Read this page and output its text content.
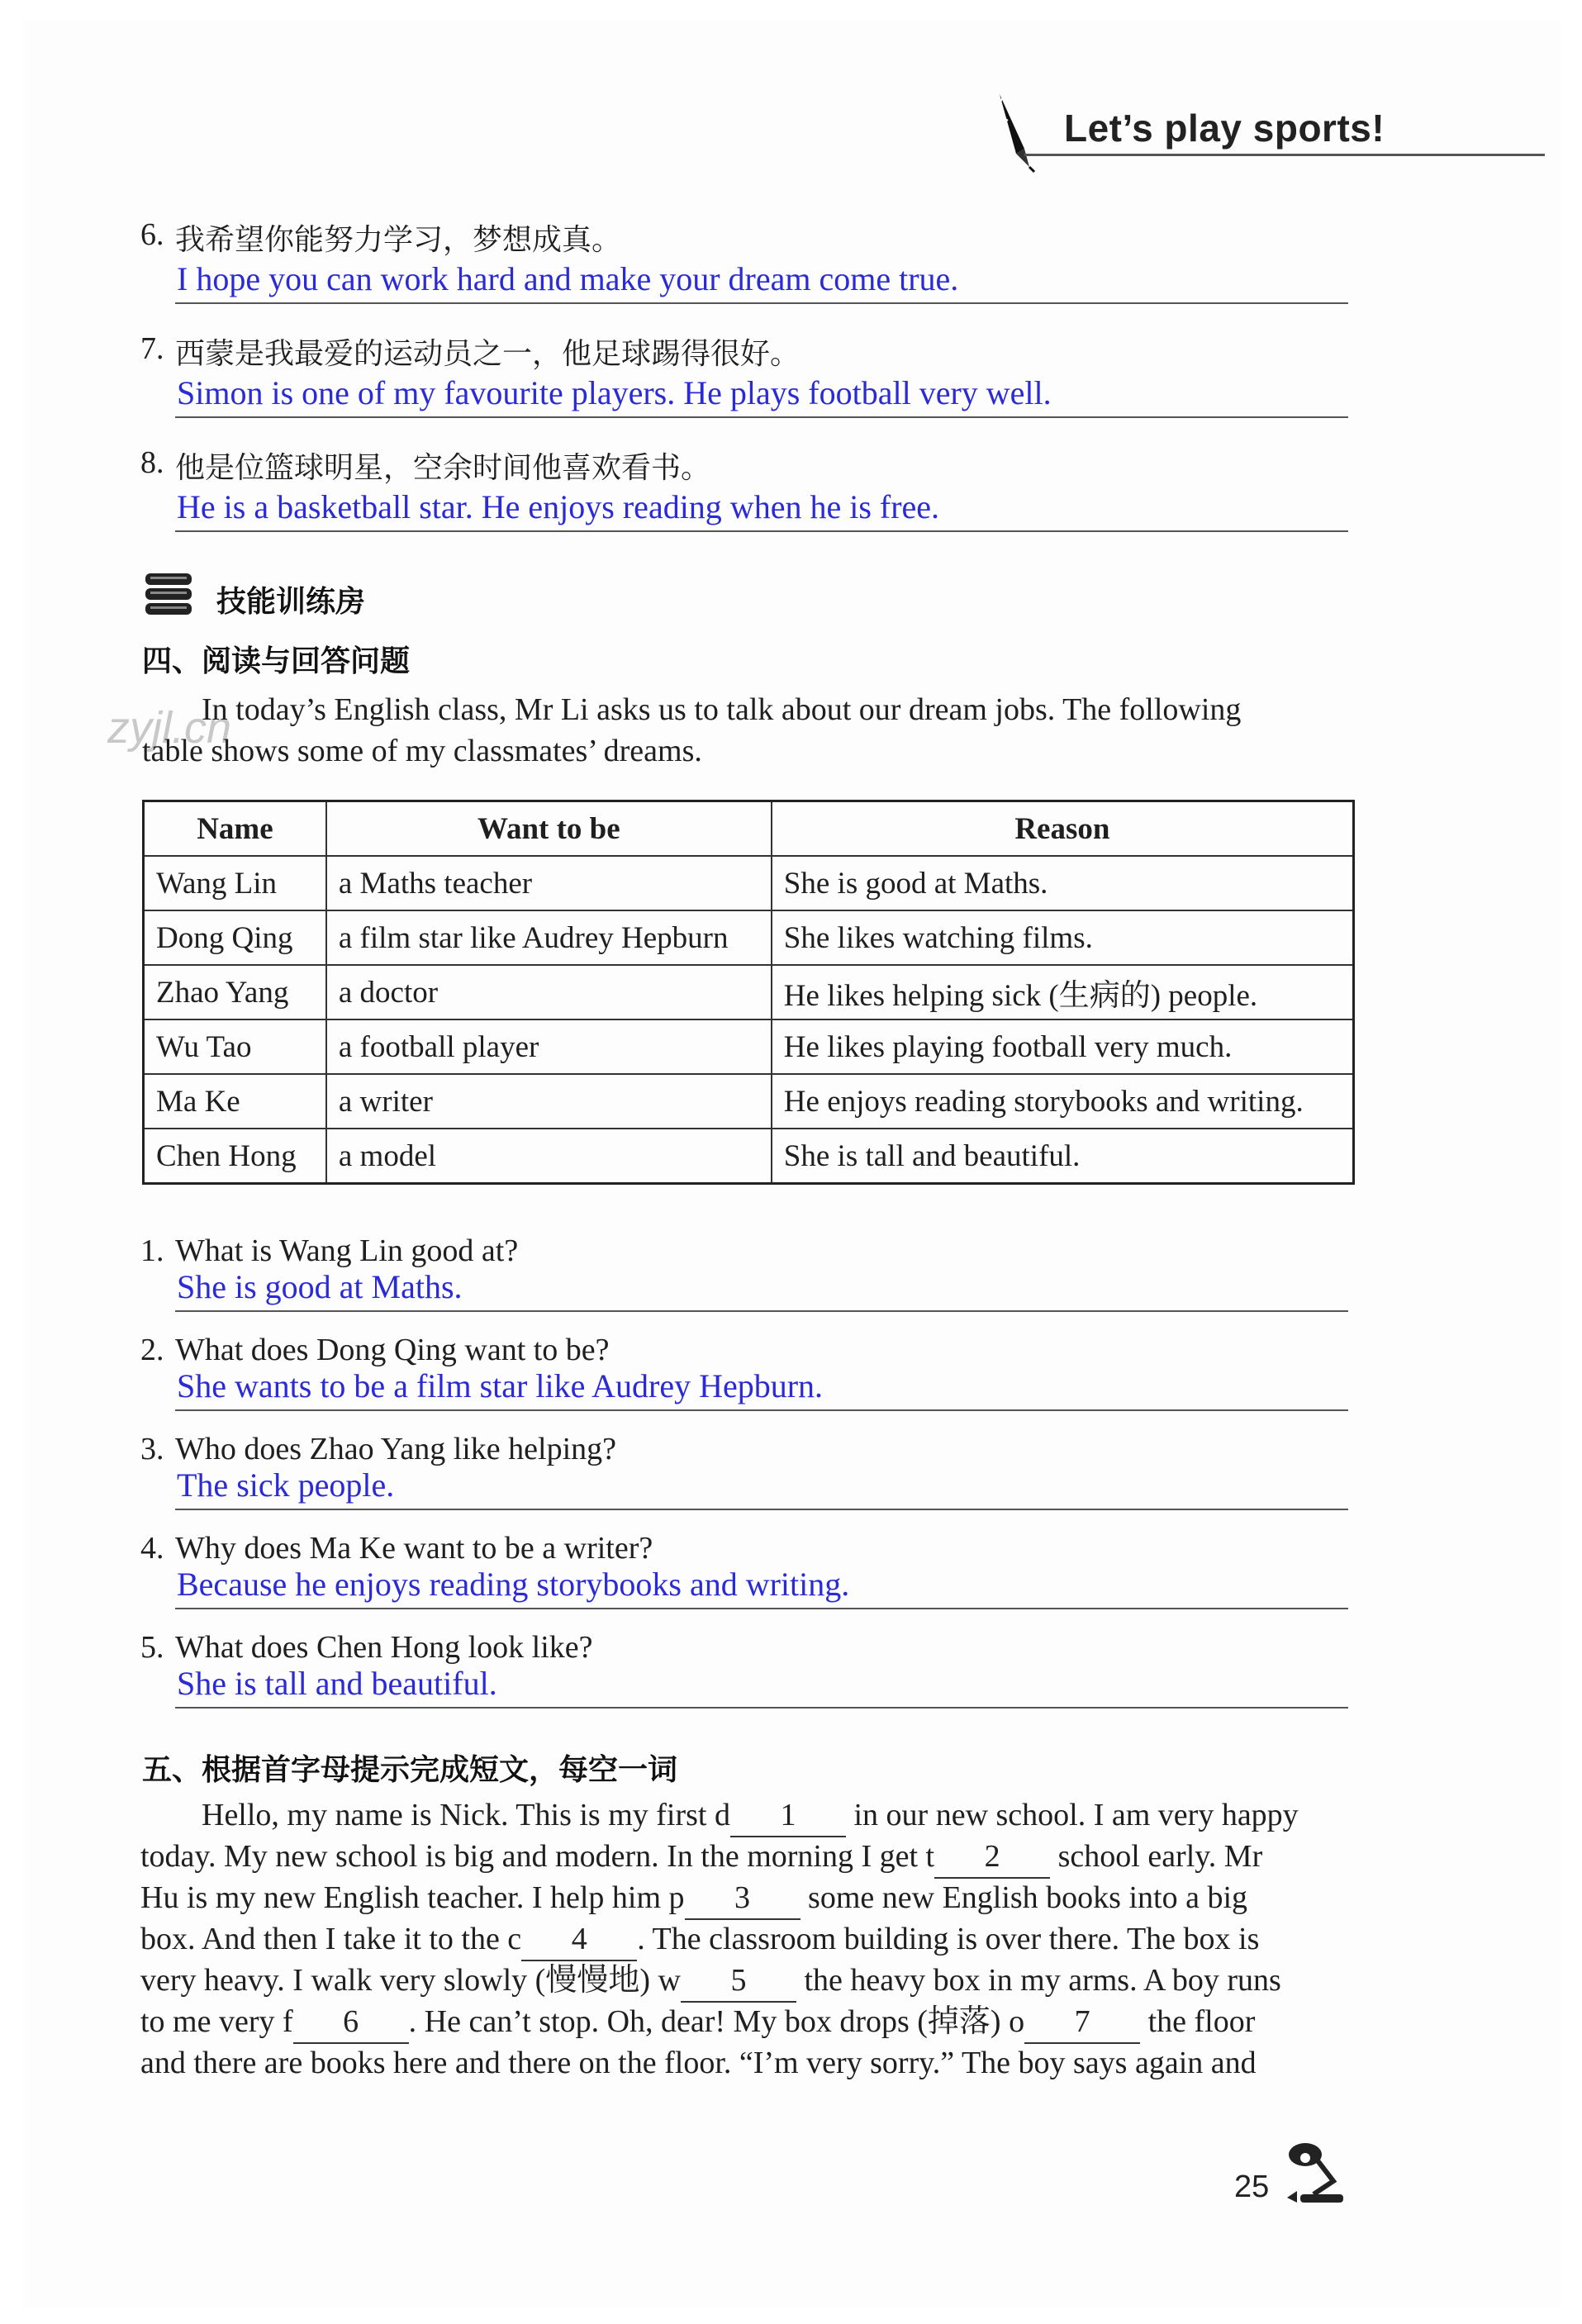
Let’s play sports!
6. 我希望你能努力学习，梦想成真。
I hope you can work hard and make your dream come true.
7. 西蒙是我最爱的运动员之一，他足球踢得很好。
Simon is one of my favourite players. He plays football very well.
8. 他是位篮球明星，空余时间他喜欢看书。
He is a basketball star. He enjoys reading when he is free.
技能训练房
四、阅读与回答问题
zyjl.cn
In today’s English class, Mr Li asks us to talk about our dream jobs. The following
table shows some of my classmates’ dreams.
Name	Want to be	Reason
Wang Lin	a Maths teacher	She is good at Maths.
Dong Qing	a film star like Audrey Hepburn	She likes watching films.
Zhao Yang	a doctor	He likes helping sick (生病的) people.
Wu Tao	a football player	He likes playing football very much.
Ma Ke	a writer	He enjoys reading storybooks and writing.
Chen Hong	a model	She is tall and beautiful.
1. What is Wang Lin good at?
She is good at Maths.
2. What does Dong Qing want to be?
She wants to be a film star like Audrey Hepburn.
3. Who does Zhao Yang like helping?
The sick people.
4. Why does Ma Ke want to be a writer?
Because he enjoys reading storybooks and writing.
5. What does Chen Hong look like?
She is tall and beautiful.
五、根据首字母提示完成短文，每空一词
Hello, my name is Nick. This is my first d 1 in our new school. I am very happy
today. My new school is big and modern. In the morning I get t 2 school early. Mr
Hu is my new English teacher. I help him p 3 some new English books into a big
box. And then I take it to the c 4 . The classroom building is over there. The box is
very heavy. I walk very slowly (慢慢地) w 5 the heavy box in my arms. A boy runs
to me very f 6 . He can’t stop. Oh, dear! My box drops (掉落) o 7 the floor
and there are books here and there on the floor. “I’m very sorry.” The boy says again and
25
